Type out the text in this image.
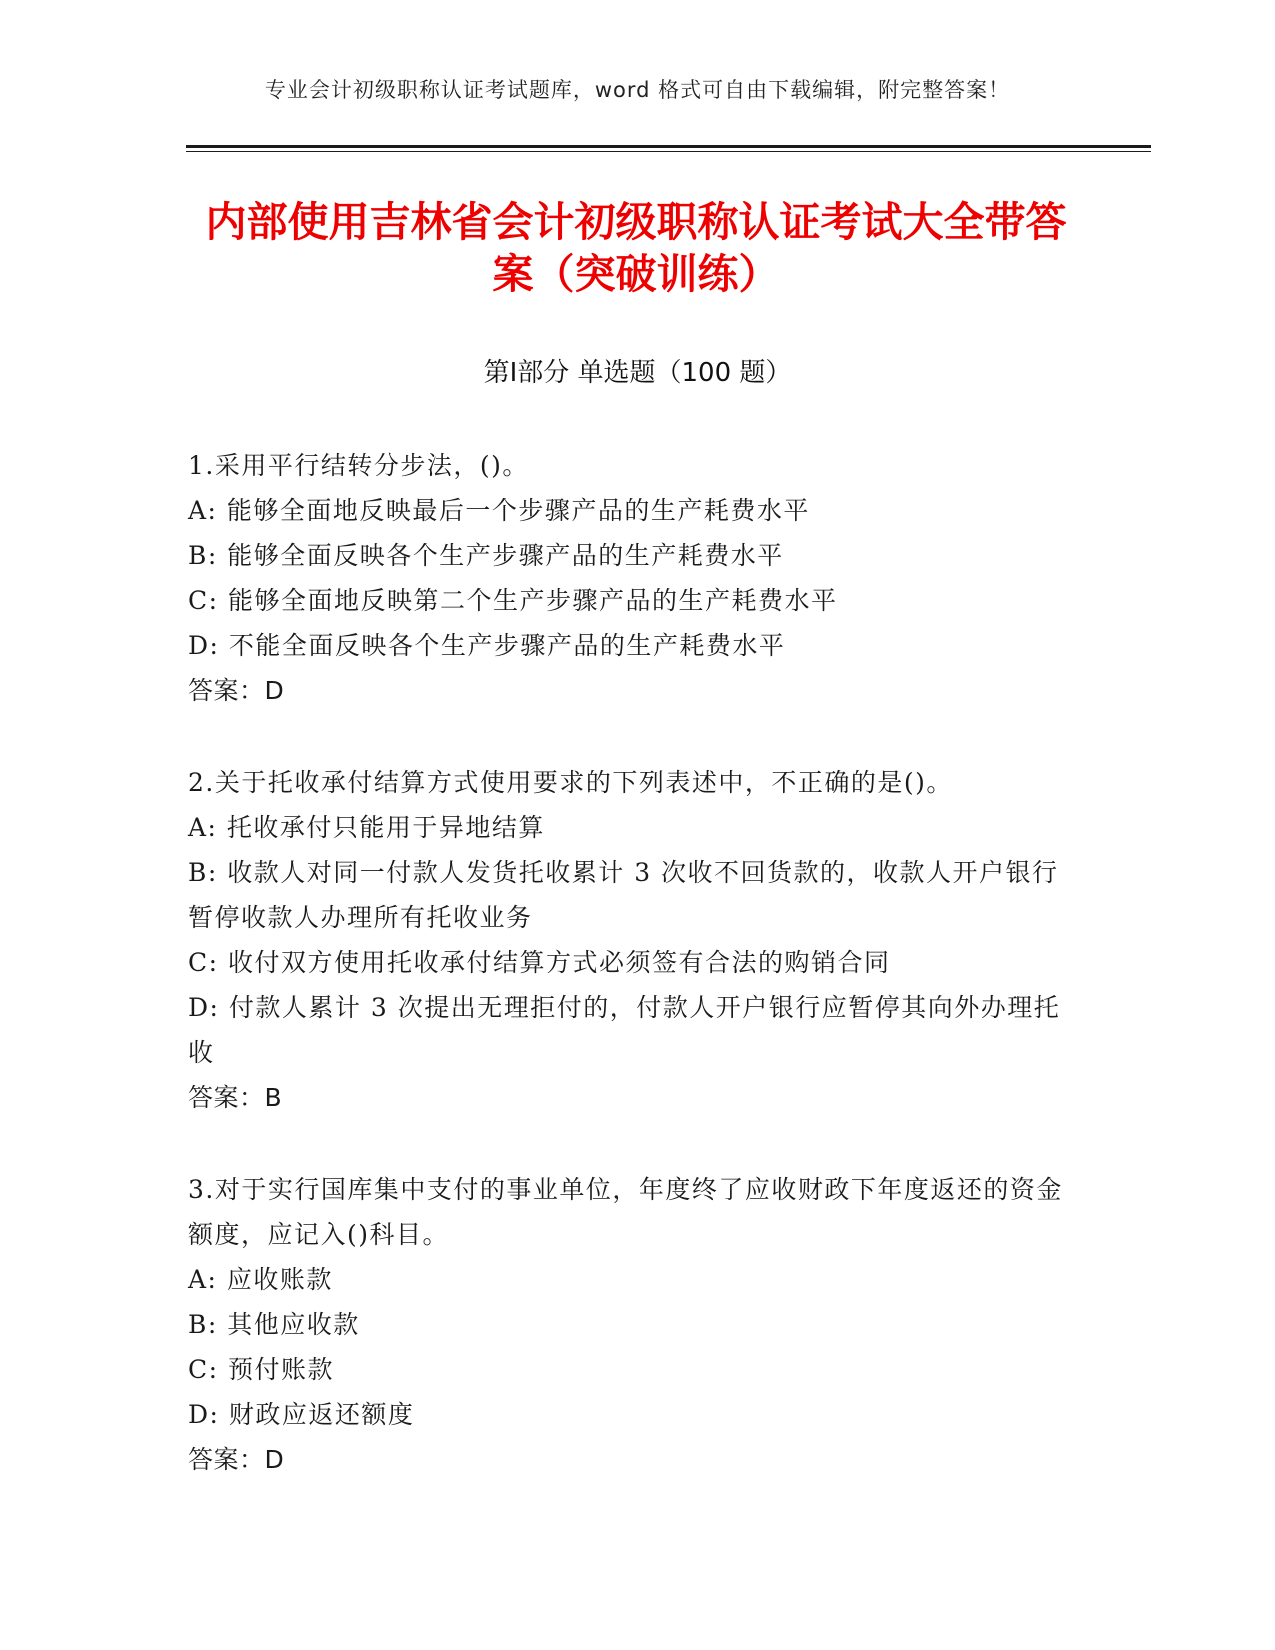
专业会计初级职称认证考试题库，word 格式可自由下载编辑，附完整答案！
内部使用吉林省会计初级职称认证考试大全带答案（突破训练）
第Ⅰ部分 单选题（100 题）
1.采用平行结转分步法，()。
A: 能够全面地反映最后一个步骤产品的生产耗费水平
B: 能够全面反映各个生产步骤产品的生产耗费水平
C: 能够全面地反映第二个生产步骤产品的生产耗费水平
D: 不能全面反映各个生产步骤产品的生产耗费水平
答案：D
2.关于托收承付结算方式使用要求的下列表述中，不正确的是()。
A: 托收承付只能用于异地结算
B: 收款人对同一付款人发货托收累计 3 次收不回货款的，收款人开户银行暂停收款人办理所有托收业务
C: 收付双方使用托收承付结算方式必须签有合法的购销合同
D: 付款人累计 3 次提出无理拒付的，付款人开户银行应暂停其向外办理托收
答案：B
3.对于实行国库集中支付的事业单位，年度终了应收财政下年度返还的资金额度，应记入()科目。
A: 应收账款
B: 其他应收款
C: 预付账款
D: 财政应返还额度
答案：D
